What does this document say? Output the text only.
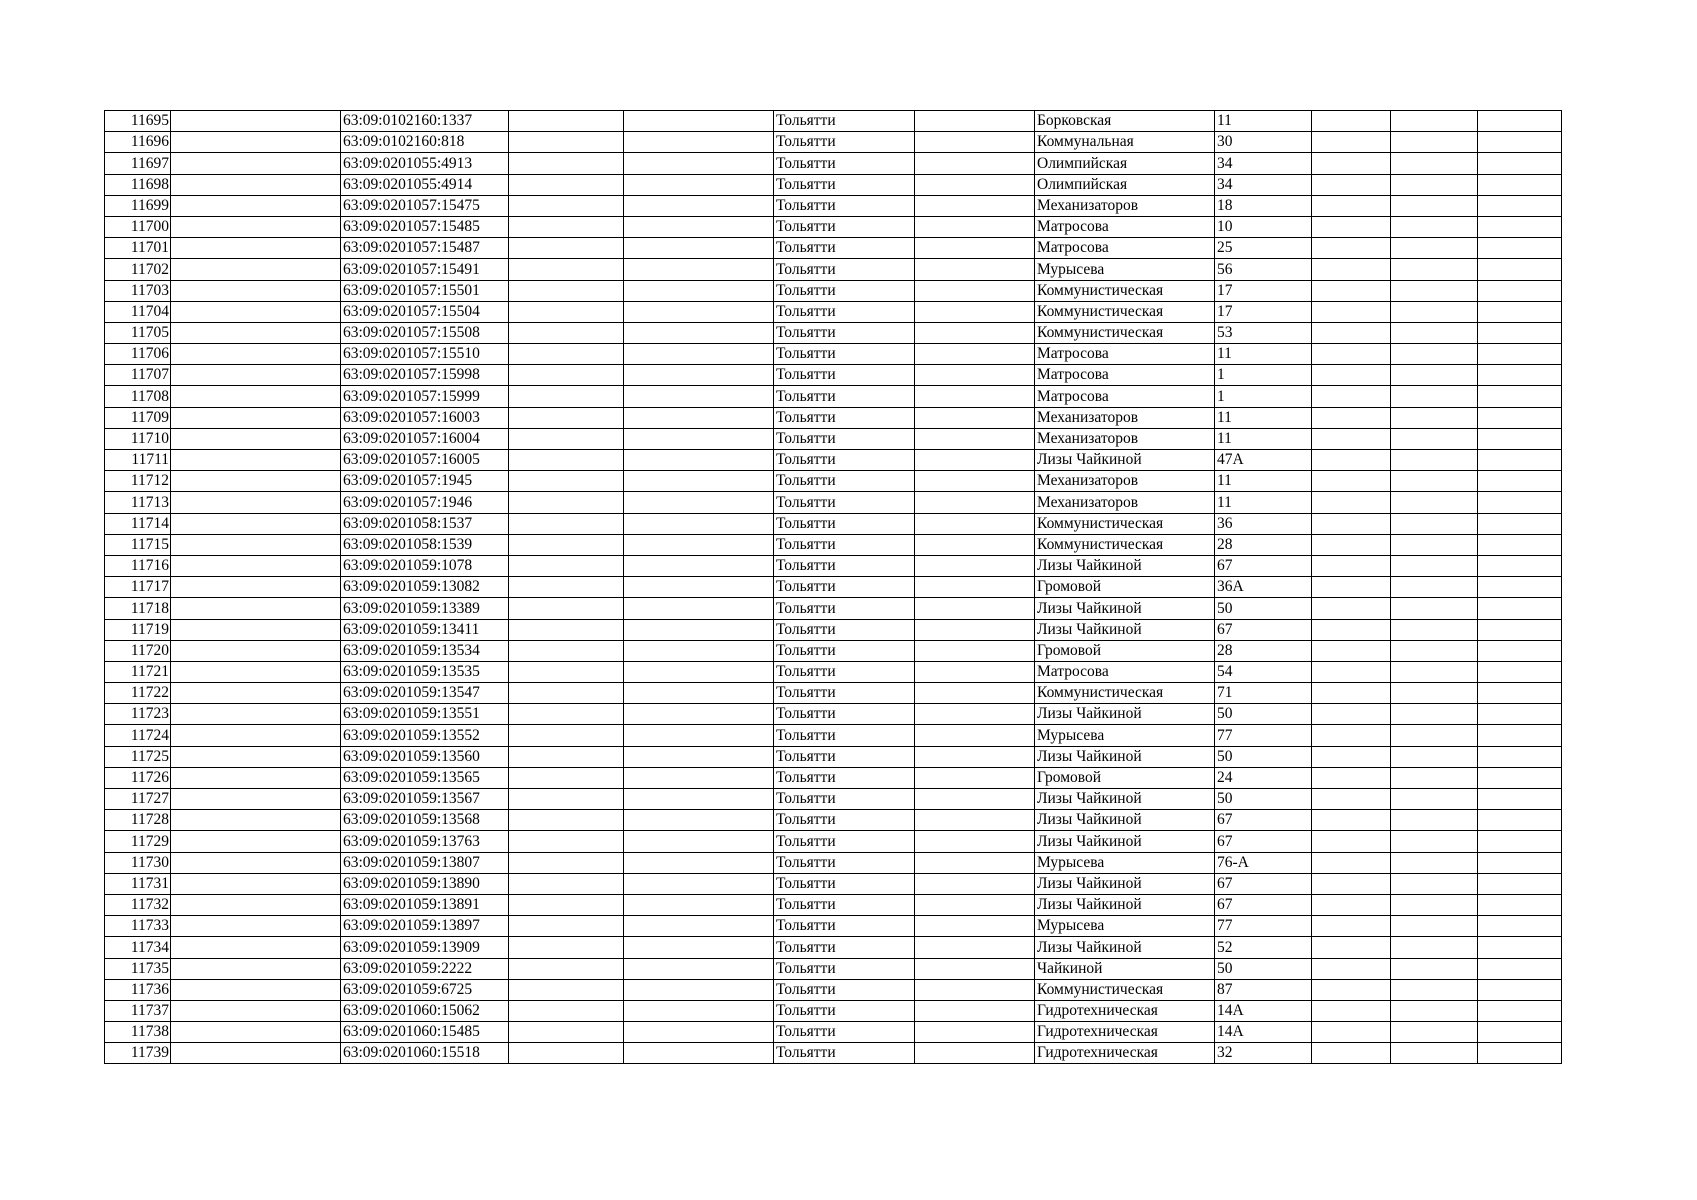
11695		63:09:0102160:1337			Тольятти		Борковская	11			
11696		63:09:0102160:818			Тольятти		Коммунальная	30			
11697		63:09:0201055:4913			Тольятти		Олимпийская	34			
11698		63:09:0201055:4914			Тольятти		Олимпийская	34			
11699		63:09:0201057:15475			Тольятти		Механизаторов	18			
11700		63:09:0201057:15485			Тольятти		Матросова	10			
11701		63:09:0201057:15487			Тольятти		Матросова	25			
11702		63:09:0201057:15491			Тольятти		Мурысева	56			
11703		63:09:0201057:15501			Тольятти		Коммунистическая	17			
11704		63:09:0201057:15504			Тольятти		Коммунистическая	17			
11705		63:09:0201057:15508			Тольятти		Коммунистическая	53			
11706		63:09:0201057:15510			Тольятти		Матросова	11			
11707		63:09:0201057:15998			Тольятти		Матросова	1			
11708		63:09:0201057:15999			Тольятти		Матросова	1			
11709		63:09:0201057:16003			Тольятти		Механизаторов	11			
11710		63:09:0201057:16004			Тольятти		Механизаторов	11			
11711		63:09:0201057:16005			Тольятти		Лизы Чайкиной	47А			
11712		63:09:0201057:1945			Тольятти		Механизаторов	11			
11713		63:09:0201057:1946			Тольятти		Механизаторов	11			
11714		63:09:0201058:1537			Тольятти		Коммунистическая	36			
11715		63:09:0201058:1539			Тольятти		Коммунистическая	28			
11716		63:09:0201059:1078			Тольятти		Лизы Чайкиной	67			
11717		63:09:0201059:13082			Тольятти		Громовой	36А			
11718		63:09:0201059:13389			Тольятти		Лизы Чайкиной	50			
11719		63:09:0201059:13411			Тольятти		Лизы Чайкиной	67			
11720		63:09:0201059:13534			Тольятти		Громовой	28			
11721		63:09:0201059:13535			Тольятти		Матросова	54			
11722		63:09:0201059:13547			Тольятти		Коммунистическая	71			
11723		63:09:0201059:13551			Тольятти		Лизы Чайкиной	50			
11724		63:09:0201059:13552			Тольятти		Мурысева	77			
11725		63:09:0201059:13560			Тольятти		Лизы Чайкиной	50			
11726		63:09:0201059:13565			Тольятти		Громовой	24			
11727		63:09:0201059:13567			Тольятти		Лизы Чайкиной	50			
11728		63:09:0201059:13568			Тольятти		Лизы Чайкиной	67			
11729		63:09:0201059:13763			Тольятти		Лизы Чайкиной	67			
11730		63:09:0201059:13807			Тольятти		Мурысева	76-А			
11731		63:09:0201059:13890			Тольятти		Лизы Чайкиной	67			
11732		63:09:0201059:13891			Тольятти		Лизы Чайкиной	67			
11733		63:09:0201059:13897			Тольятти		Мурысева	77			
11734		63:09:0201059:13909			Тольятти		Лизы Чайкиной	52			
11735		63:09:0201059:2222			Тольятти		Чайкиной	50			
11736		63:09:0201059:6725			Тольятти		Коммунистическая	87			
11737		63:09:0201060:15062			Тольятти		Гидротехническая	14А			
11738		63:09:0201060:15485			Тольятти		Гидротехническая	14А			
11739		63:09:0201060:15518			Тольятти		Гидротехническая	32			
